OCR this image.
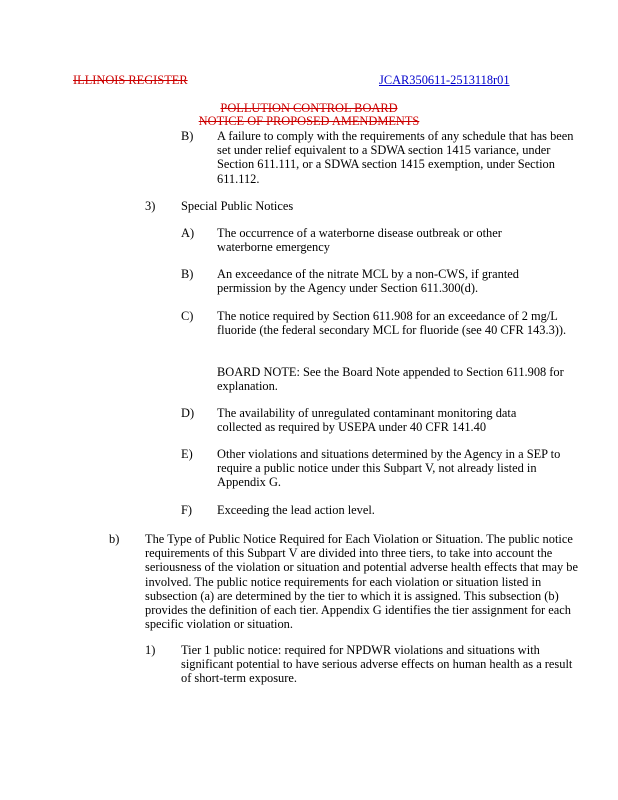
ILLINOIS REGISTER	JCAR350611-2513118r01
POLLUTION CONTROL BOARD
NOTICE OF PROPOSED AMENDMENTS
B) A failure to comply with the requirements of any schedule that has been set under relief equivalent to a SDWA section 1415 variance, under Section 611.111, or a SDWA section 1415 exemption, under Section 611.112.
3) Special Public Notices
A) The occurrence of a waterborne disease outbreak or other waterborne emergency
B) An exceedance of the nitrate MCL by a non-CWS, if granted permission by the Agency under Section 611.300(d).
C) The notice required by Section 611.908 for an exceedance of 2 mg/L fluoride (the federal secondary MCL for fluoride (see 40 CFR 143.3)).
BOARD NOTE: See the Board Note appended to Section 611.908 for explanation.
D) The availability of unregulated contaminant monitoring data collected as required by USEPA under 40 CFR 141.40
E) Other violations and situations determined by the Agency in a SEP to require a public notice under this Subpart V, not already listed in Appendix G.
F) Exceeding the lead action level.
b) The Type of Public Notice Required for Each Violation or Situation. The public notice requirements of this Subpart V are divided into three tiers, to take into account the seriousness of the violation or situation and potential adverse health effects that may be involved. The public notice requirements for each violation or situation listed in subsection (a) are determined by the tier to which it is assigned. This subsection (b) provides the definition of each tier. Appendix G identifies the tier assignment for each specific violation or situation.
1) Tier 1 public notice: required for NPDWR violations and situations with significant potential to have serious adverse effects on human health as a result of short-term exposure.
